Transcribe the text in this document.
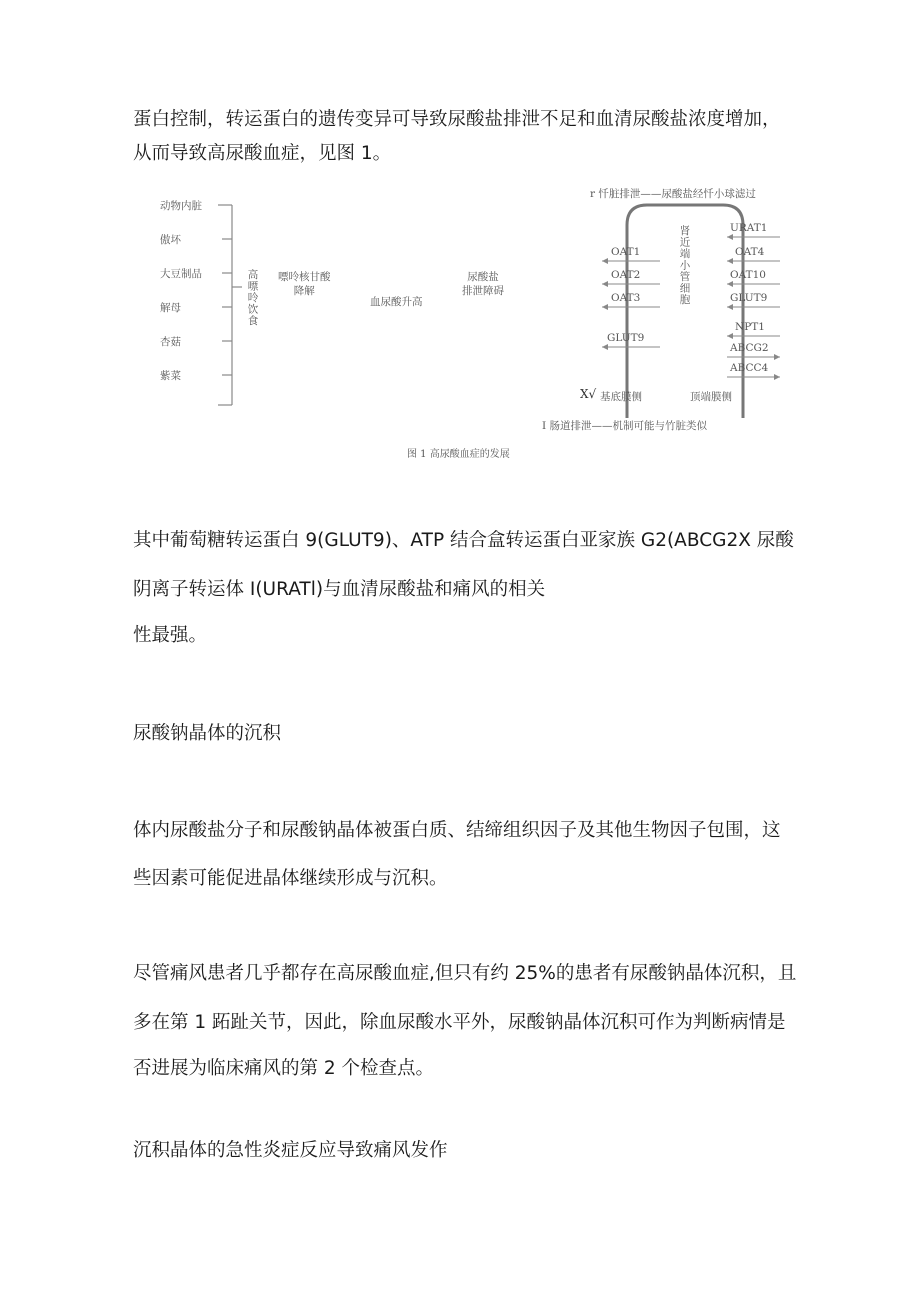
蛋白控制，转运蛋白的遗传变异可导致尿酸盐排泄不足和血清尿酸盐浓度增加，

从而导致高尿酸血症，见图 1。

动物内脏
傲坏
大豆制品
解母
杏菇
紫菜
高嘌呤饮食 嘌呤核甘酸
降解
血尿酸升高
尿酸盐
排泄障碍
r 忏脏排泄——尿酸盐经忏小球滤过
肾近端小管细胞
OAT1
OAT2
OAT3
GLUT9
URAT1
OAT4
OAT10
GLUT9
NPT1
ABCG2
ABCC4
X√ 基底膜侧	顶端膜侧
I 肠道排泄——机制可能与竹脏类似
图 1 高尿酸血症的发展

其中葡萄糖转运蛋白 9(GLUT9)、ATP 结合盒转运蛋白亚家族 G2(ABCG2X 尿酸

阴离子转运体 I(URATl)与血清尿酸盐和痛风的相关

性最强。

尿酸钠晶体的沉积

体内尿酸盐分子和尿酸钠晶体被蛋白质、结缔组织因子及其他生物因子包围，这

些因素可能促进晶体继续形成与沉积。

尽管痛风患者几乎都存在高尿酸血症,但只有约 25%的患者有尿酸钠晶体沉积，且

多在第 1 跖趾关节，因此，除血尿酸水平外，尿酸钠晶体沉积可作为判断病情是

否进展为临床痛风的第 2 个检查点。

沉积晶体的急性炎症反应导致痛风发作
